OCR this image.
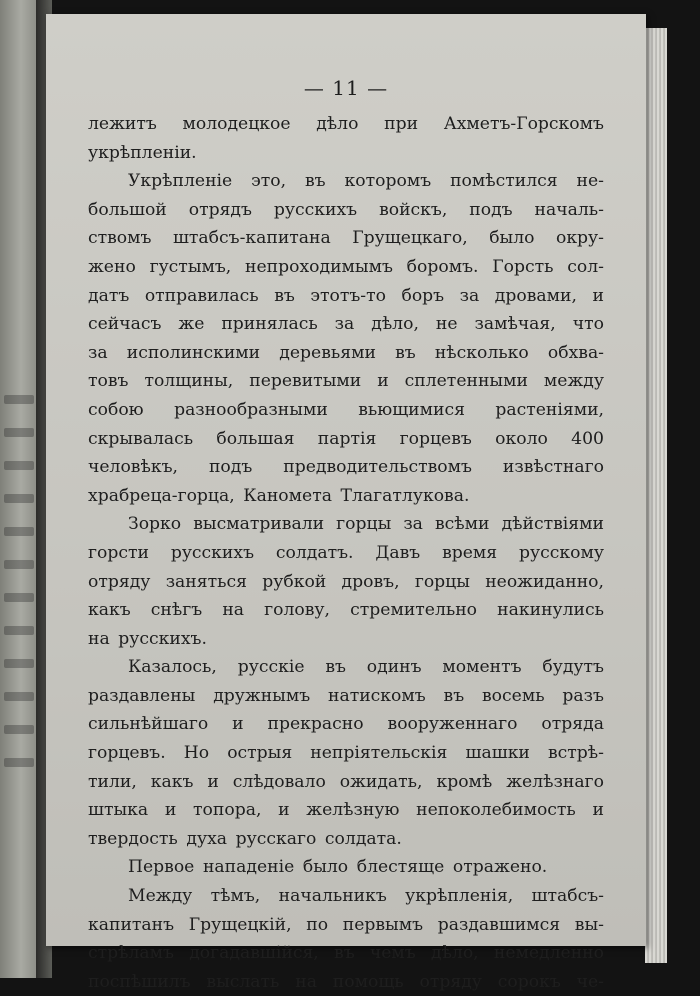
— 11 —
лежитъ молодецкое дѣло при Ахметъ-Горскомъ
укрѣпленіи.
Укрѣпленіе это, въ которомъ помѣстился не-
большой отрядъ русскихъ войскъ, подъ началь-
ствомъ штабсъ-капитана Грущецкаго, было окру-
жено густымъ, непроходимымъ боромъ. Горсть сол-
датъ отправилась въ этотъ-то боръ за дровами, и
сейчасъ же принялась за дѣло, не замѣчая, что
за исполинскими деревьями въ нѣсколько обхва-
товъ толщины, перевитыми и сплетенными между
собою разнообразными вьющимися растеніями,
скрывалась большая партія горцевъ около 400
человѣкъ, подъ предводительствомъ извѣстнаго
храбреца-горца, Канометa Тлагатлукова.
Зорко высматривали горцы за всѣми дѣйствіями
горсти русскихъ солдатъ. Давъ время русскому
отряду заняться рубкой дровъ, горцы неожиданно,
какъ снѣгъ на голову, стремительно накинулись
на русскихъ.
Казалось, русскіе въ одинъ моментъ будутъ
раздавлены дружнымъ натискомъ въ восемь разъ
сильнѣйшаго и прекрасно вооруженнаго отряда
горцевъ. Но острыя непріятельскія шашки встрѣ-
тили, какъ и слѣдовало ожидать, кромѣ желѣзнаго
штыка и топора, и желѣзную непоколебимость и
твердость духа русскаго солдата.
Первое нападеніе было блестяще отражено.
Между тѣмъ, начальникъ укрѣпленія, штабсъ-
капитанъ Грущецкій, по первымъ раздавшимся вы-
стрѣламъ догадавшійся, въ чемъ дѣло, немедленно
поспѣшилъ выслать на помощь отряду сорокъ че-
